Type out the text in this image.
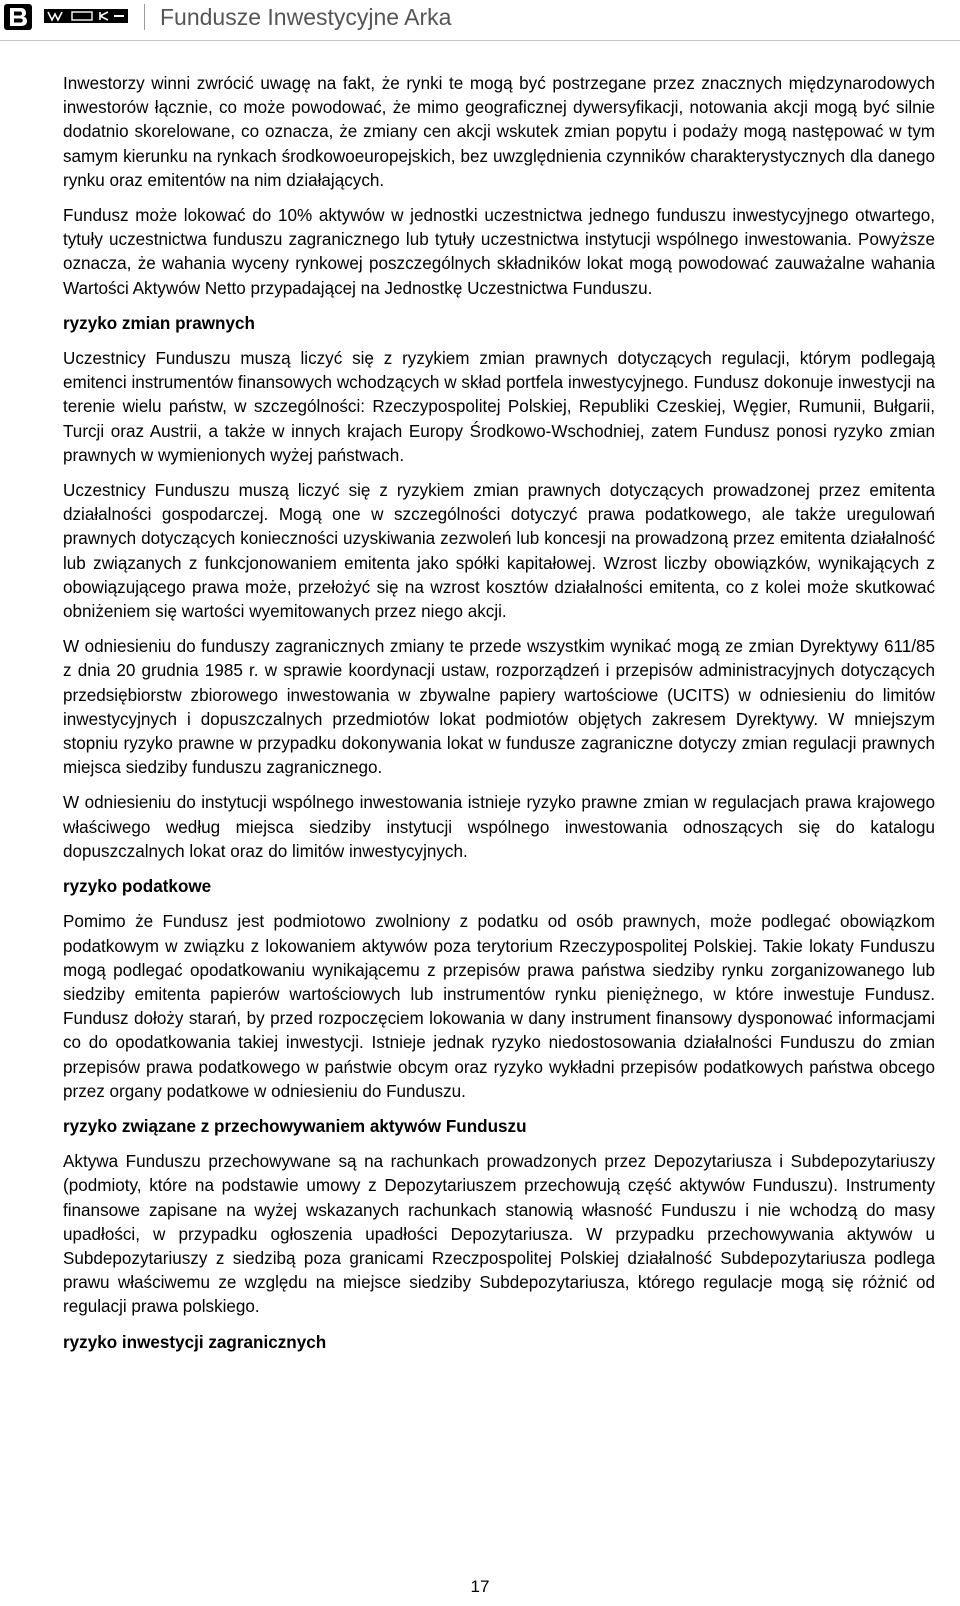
Fundusze Inwestycyjne Arka

Inwestorzy winni zwrócić uwagę na fakt, że rynki te mogą być postrzegane przez znacznych międzynarodowych inwestorów łącznie, co może powodować, że mimo geograficznej dywersyfikacji, notowania akcji mogą być silnie dodatnio skorelowane, co oznacza, że zmiany cen akcji wskutek zmian popytu i podaży mogą następować w tym samym kierunku na rynkach środkowoeuropejskich, bez uwzględnienia czynników charakterystycznych dla danego rynku oraz emitentów na nim działających.

Fundusz może lokować do 10% aktywów w jednostki uczestnictwa jednego funduszu inwestycyjnego otwartego, tytuły uczestnictwa funduszu zagranicznego lub tytuły uczestnictwa instytucji wspólnego inwestowania. Powyższe oznacza, że wahania wyceny rynkowej poszczególnych składników lokat mogą powodować zauważalne wahania Wartości Aktywów Netto przypadającej na Jednostkę Uczestnictwa Funduszu.

ryzyko zmian prawnych

Uczestnicy Funduszu muszą liczyć się z ryzykiem zmian prawnych dotyczących regulacji, którym podlegają emitenci instrumentów finansowych wchodzących w skład portfela inwestycyjnego. Fundusz dokonuje inwestycji na terenie wielu państw, w szczególności: Rzeczypospolitej Polskiej, Republiki Czeskiej, Węgier, Rumunii, Bułgarii, Turcji oraz Austrii, a także w innych krajach Europy Środkowo-Wschodniej, zatem Fundusz ponosi ryzyko zmian prawnych w wymienionych wyżej państwach.

Uczestnicy Funduszu muszą liczyć się z ryzykiem zmian prawnych dotyczących prowadzonej przez emitenta działalności gospodarczej. Mogą one w szczególności dotyczyć prawa podatkowego, ale także uregulowań prawnych dotyczących konieczności uzyskiwania zezwoleń lub koncesji na prowadzoną przez emitenta działalność lub związanych z funkcjonowaniem emitenta jako spółki kapitałowej. Wzrost liczby obowiązków, wynikających z obowiązującego prawa może, przełożyć się na wzrost kosztów działalności emitenta, co z kolei może skutkować obniżeniem się wartości wyemitowanych przez niego akcji.

W odniesieniu do funduszy zagranicznych zmiany te przede wszystkim wynikać mogą ze zmian Dyrektywy 611/85 z dnia 20 grudnia 1985 r. w sprawie koordynacji ustaw, rozporządzeń i przepisów administracyjnych dotyczących przedsiębiorstw zbiorowego inwestowania w zbywalne papiery wartościowe (UCITS) w odniesieniu do limitów inwestycyjnych i dopuszczalnych przedmiotów lokat podmiotów objętych zakresem Dyrektywy. W mniejszym stopniu ryzyko prawne w przypadku dokonywania lokat w fundusze zagraniczne dotyczy zmian regulacji prawnych miejsca siedziby funduszu zagranicznego.

W odniesieniu do instytucji wspólnego inwestowania istnieje ryzyko prawne zmian w regulacjach prawa krajowego właściwego według miejsca siedziby instytucji wspólnego inwestowania odnoszących się do katalogu dopuszczalnych lokat oraz do limitów inwestycyjnych.

ryzyko podatkowe

Pomimo że Fundusz jest podmiotowo zwolniony z podatku od osób prawnych, może podlegać obowiązkom podatkowym w związku z lokowaniem aktywów poza terytorium Rzeczypospolitej Polskiej. Takie lokaty Funduszu mogą podlegać opodatkowaniu wynikającemu z przepisów prawa państwa siedziby rynku zorganizowanego lub siedziby emitenta papierów wartościowych lub instrumentów rynku pieniężnego, w które inwestuje Fundusz. Fundusz dołoży starań, by przed rozpoczęciem lokowania w dany instrument finansowy dysponować informacjami co do opodatkowania takiej inwestycji. Istnieje jednak ryzyko niedostosowania działalności Funduszu do zmian przepisów prawa podatkowego w państwie obcym oraz ryzyko wykładni przepisów podatkowych państwa obcego przez organy podatkowe w odniesieniu do Funduszu.

ryzyko związane z przechowywaniem aktywów Funduszu

Aktywa Funduszu przechowywane są na rachunkach prowadzonych przez Depozytariusza i Subdepozytariuszy (podmioty, które na podstawie umowy z Depozytariuszem przechowują część aktywów Funduszu). Instrumenty finansowe zapisane na wyżej wskazanych rachunkach stanowią własność Funduszu i nie wchodzą do masy upadłości, w przypadku ogłoszenia upadłości Depozytariusza. W przypadku przechowywania aktywów u Subdepozytariuszy z siedzibą poza granicami Rzeczpospolitej Polskiej działalność Subdepozytariusza podlega prawu właściwemu ze względu na miejsce siedziby Subdepozytariusza, którego regulacje mogą się różnić od regulacji prawa polskiego.

ryzyko inwestycji zagranicznych

17
